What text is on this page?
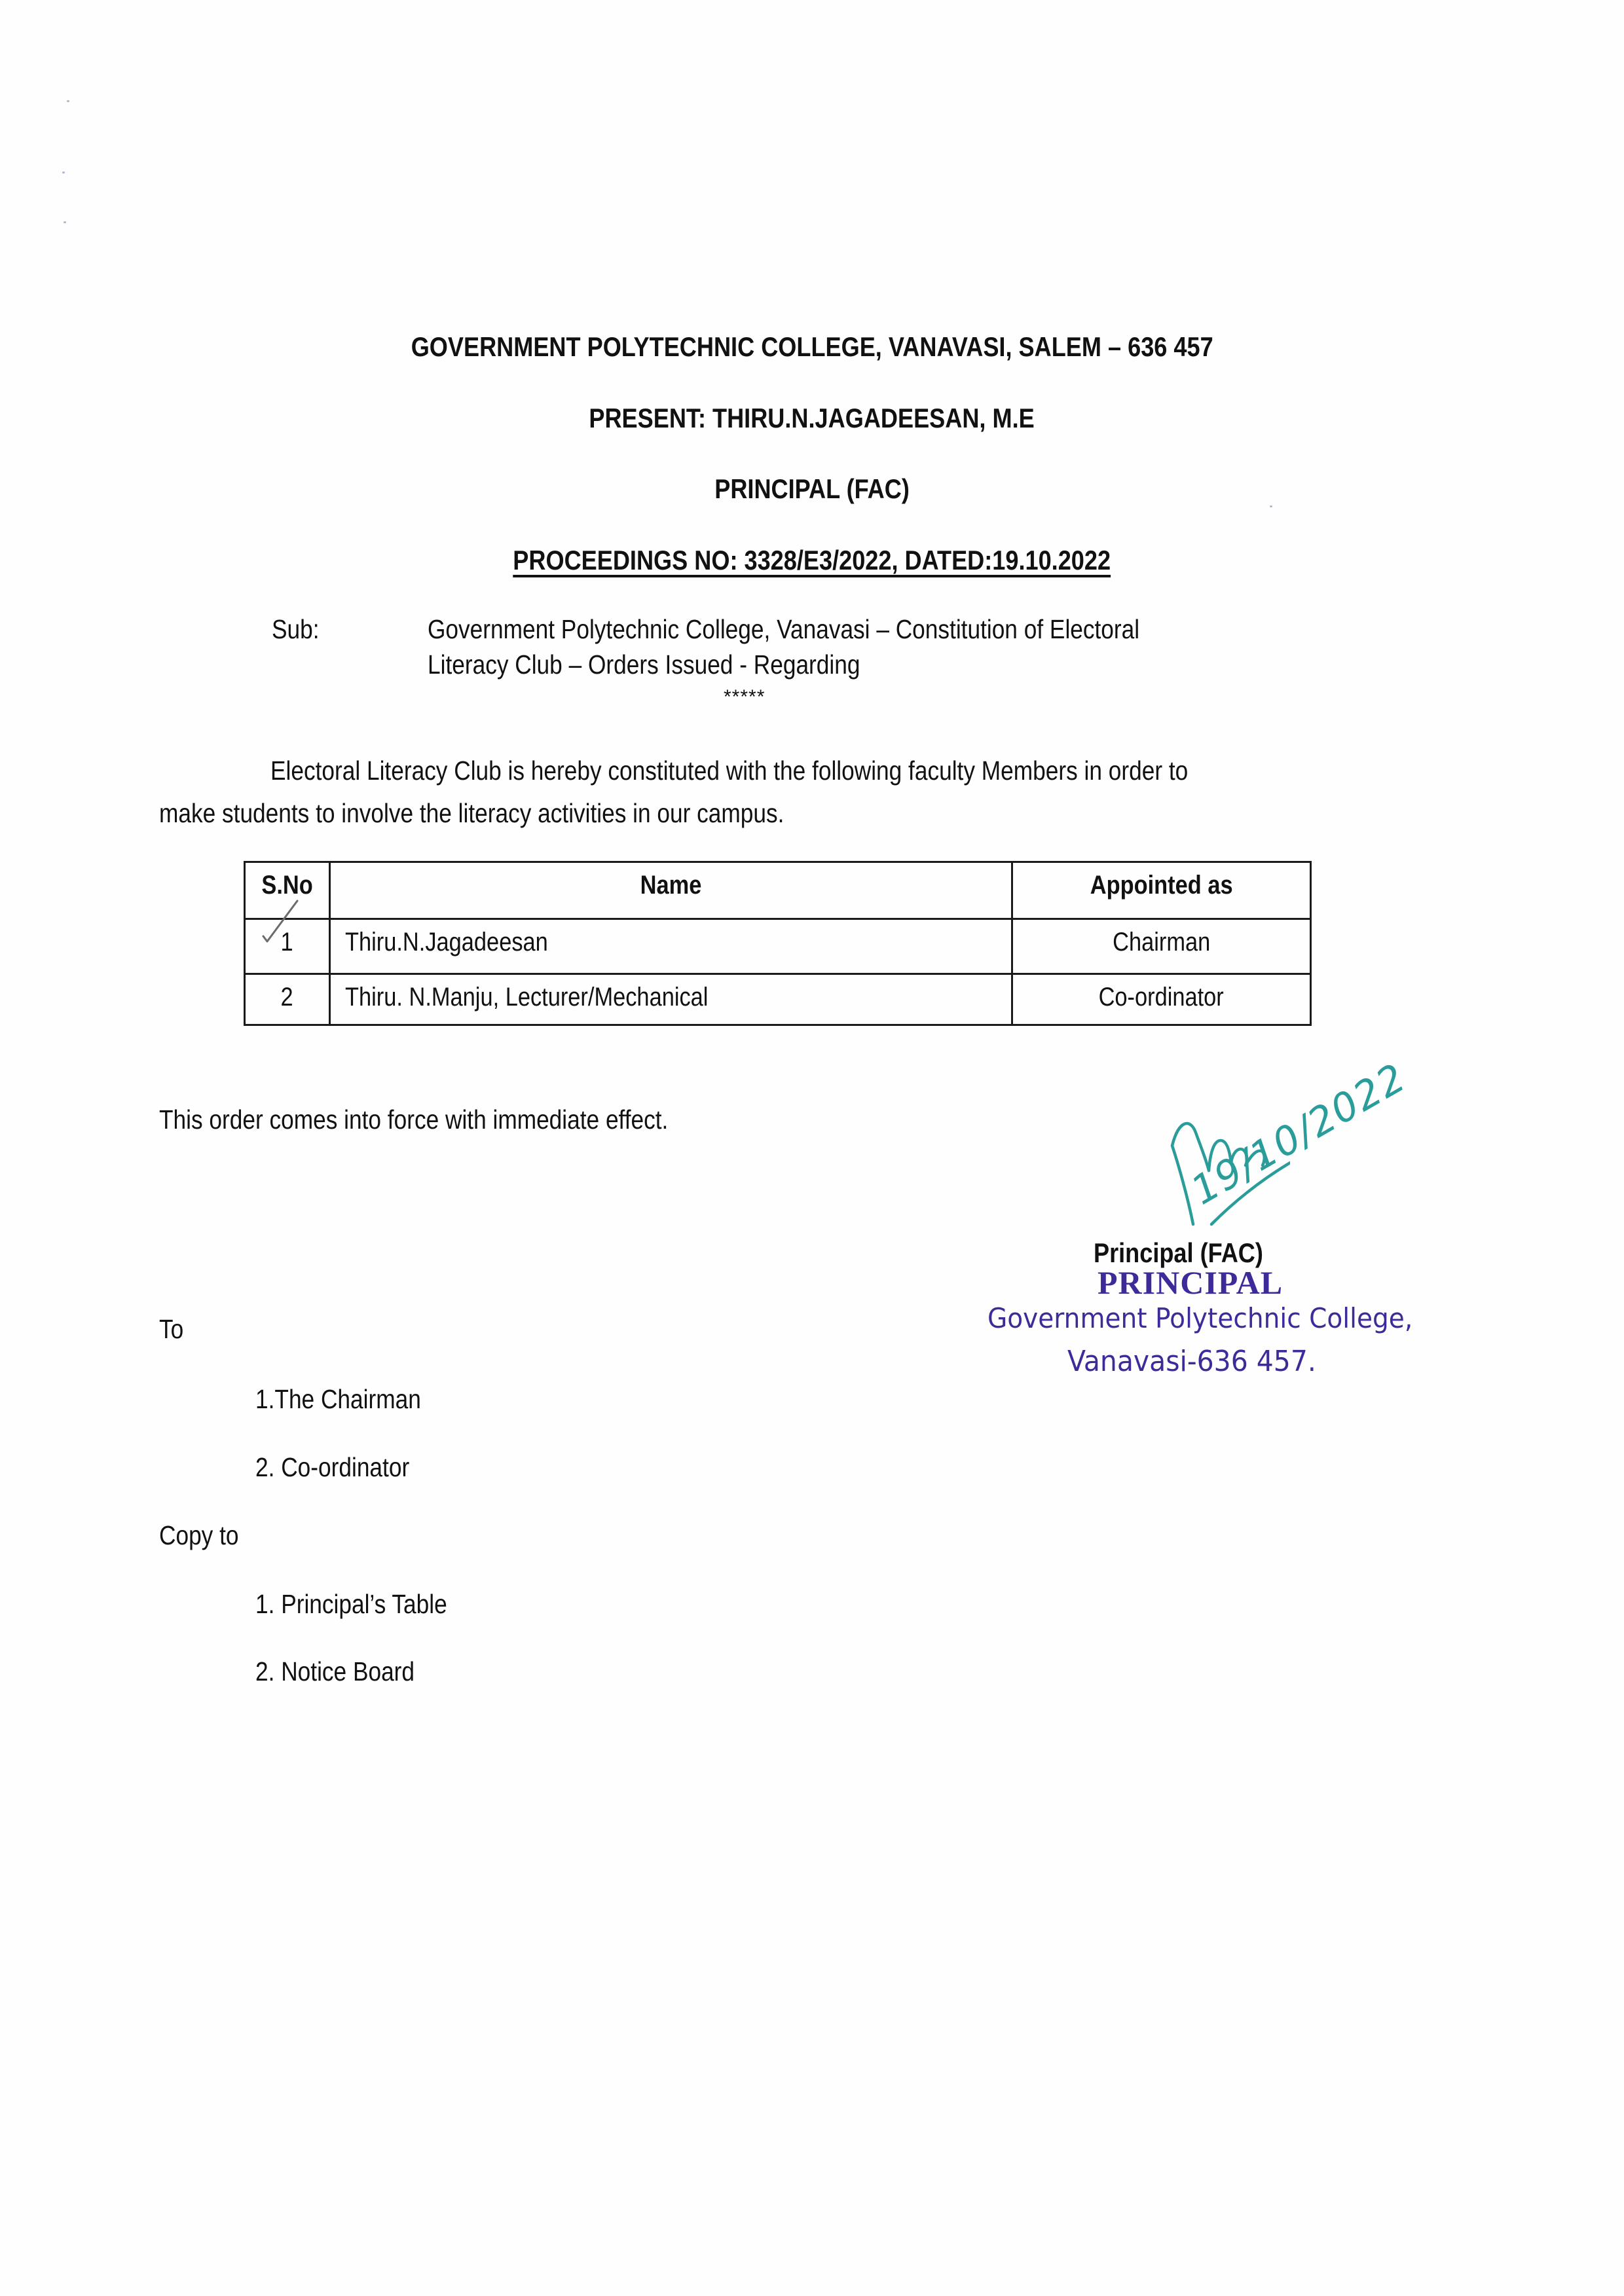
GOVERNMENT POLYTECHNIC COLLEGE, VANAVASI, SALEM – 636 457
PRESENT: THIRU.N.JAGADEESAN, M.E
PRINCIPAL (FAC)
PROCEEDINGS NO: 3328/E3/2022, DATED:19.10.2022
Sub:	Government Polytechnic College, Vanavasi – Constitution of Electoral
Literacy Club – Orders Issued - Regarding
*****
Electoral Literacy Club is hereby constituted with the following faculty Members in order to
make students to involve the literacy activities in our campus.
S.No	Name	Appointed as
1	Thiru.N.Jagadeesan	Chairman
2	Thiru. N.Manju, Lecturer/Mechanical	Co-ordinator
This order comes into force with immediate effect.
To
1.The Chairman
2. Co-ordinator
Copy to
1. Principal’s Table
2. Notice Board
19/10/2022
Principal (FAC)
PRINCIPAL
Government Polytechnic College,
Vanavasi-636 457.
